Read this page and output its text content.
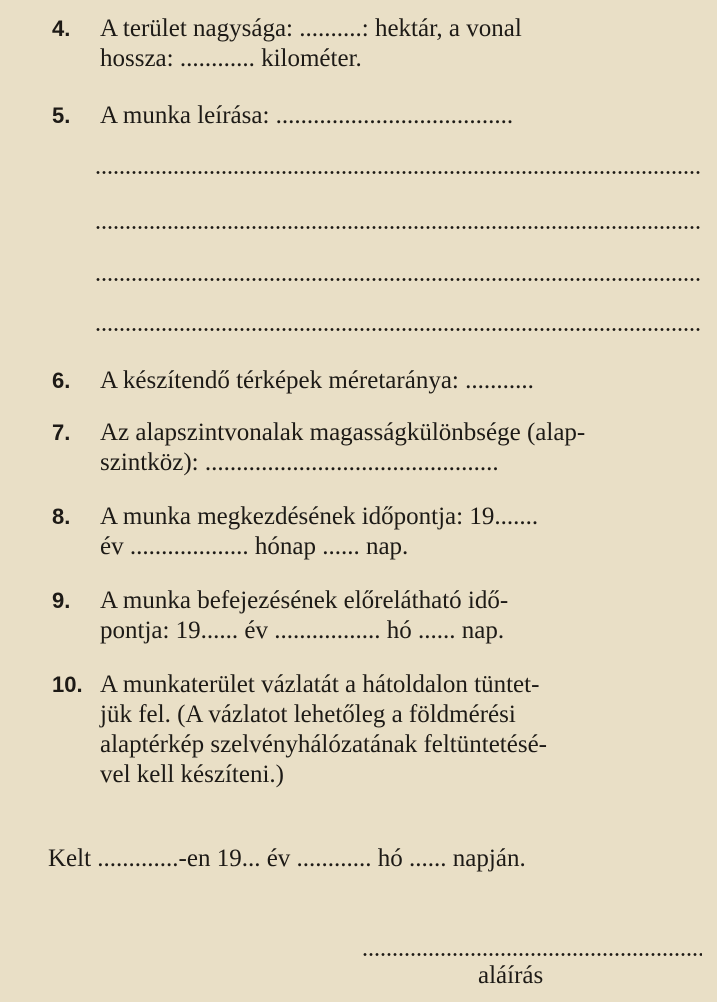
4.	A terület nagysága: ..........: hektár, a vonal
hossza: ............ kilométer.
5.	A munka leírása: ......................................
6.	A készítendő térképek méretaránya: ...........
7.	Az alapszintvonalak magasságkülönbsége (alap-
szintköz): ...............................................
8.	A munka megkezdésének időpontja: 19.......
év ................... hónap ...... nap.
9.	A munka befejezésének előrelátható idő-
pontja: 19...... év ................. hó ...... nap.
10. A munkaterület vázlatát a hátoldalon tüntet-
jük fel. (A vázlatot lehetőleg a földmérési
alaptérkép szelvényhálózatának feltüntetésé-
vel kell készíteni.)
Kelt .............-en 19... év ............ hó ...... napján.
aláírás
